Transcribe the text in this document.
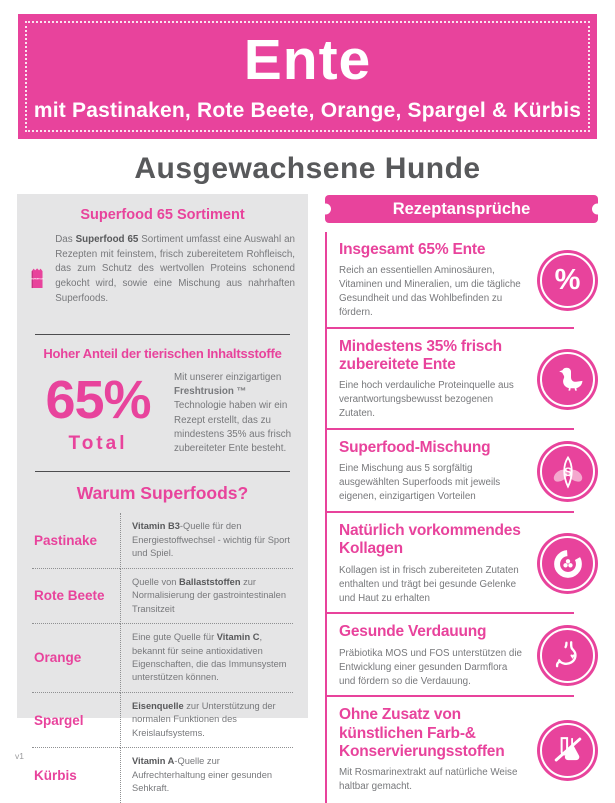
Ente
mit Pastinaken, Rote Beete, Orange, Spargel & Kürbis
Ausgewachsene Hunde
Superfood 65 Sortiment
SUPERFOOD
Das Superfood 65 Sortiment umfasst eine Auswahl an Rezepten mit feinstem, frisch zubereitetem Rohfleisch, das zum Schutz des wertvollen Proteins schonend gekocht wird, sowie eine Mischung aus nahrhaften Superfoods.
Hoher Anteil der tierischen Inhaltsstoffe
65%
Total
Mit unserer einzigartigen Freshtrusion ™ Technologie haben wir ein Rezept erstellt, das zu mindestens 35% aus frisch zubereiteter Ente besteht.
Warum Superfoods?
Pastinake
Vitamin B3-Quelle für den Energiestoffwechsel - wichtig für Sport und Spiel.
Rote Beete
Quelle von Ballaststoffen zur Normalisierung der gastrointestinalen Transitzeit
Orange
Eine gute Quelle für Vitamin C, bekannt für seine antioxidativen Eigenschaften, die das Immunsystem unterstützen können.
Spargel
Eisenquelle zur Unterstützung der normalen Funktionen des Kreislaufsystems.
Kürbis
Vitamin A-Quelle zur Aufrechterhaltung einer gesunden Sehkraft.
Rezeptansprüche
Insgesamt 65% Ente
Reich an essentiellen Aminosäuren, Vitaminen und Mineralien, um die tägliche Gesundheit und das Wohlbefinden zu fördern.
%
Mindestens 35% frisch zubereitete Ente
Eine hoch verdauliche Proteinquelle aus verantwortungsbewusst bezogenen Zutaten.
Superfood-Mischung
Eine Mischung aus 5 sorgfältig ausgewählten Superfoods mit jeweils eigenen, einzigartigen Vorteilen
S
Natürlich vorkommendes Kollagen
Kollagen ist in frisch zubereiteten Zutaten enthalten und trägt bei gesunde Gelenke und Haut zu erhalten
Gesunde Verdauung
Präbiotika MOS und FOS unterstützen die Entwicklung einer gesunden Darmflora und fördern so die Verdauung.
♥
Ohne Zusatz von künstlichen Farb-& Konservierungsstoffen
Mit Rosmarinextrakt auf natürliche Weise haltbar gemacht.
v1
